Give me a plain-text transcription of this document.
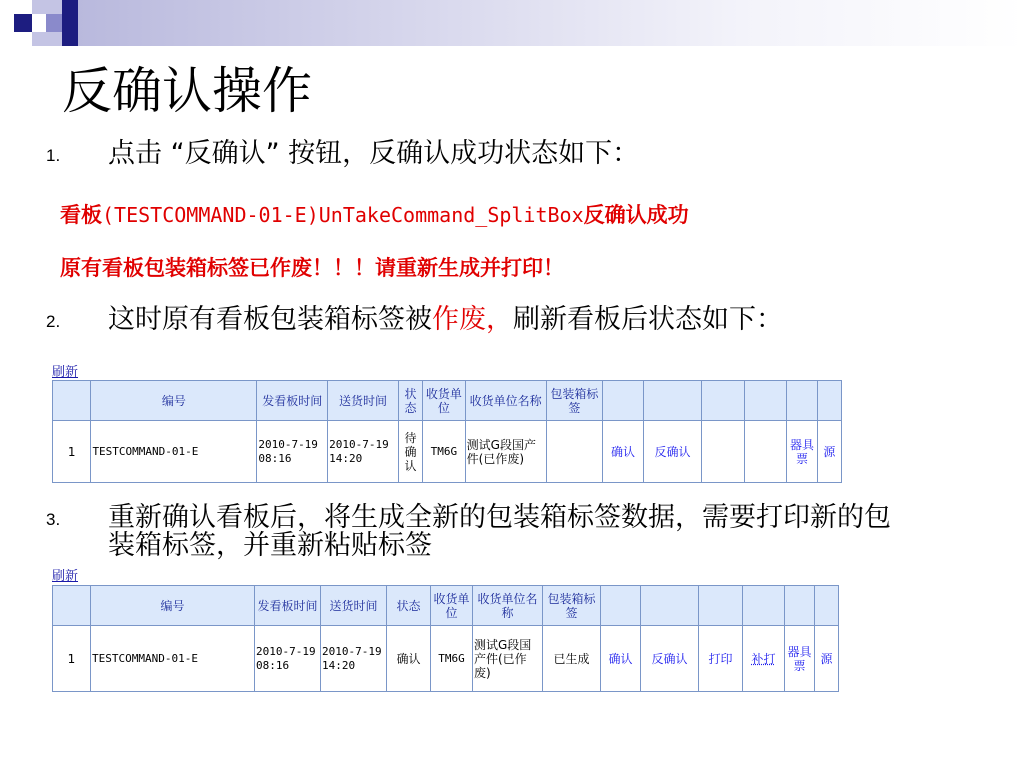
反确认操作
1. 点击 “反确认” 按钮，反确认成功状态如下：
看板(TESTCOMMAND-01-E)UnTakeCommand_SplitBox反确认成功
原有看板包装箱标签已作废！！！请重新生成并打印！
2. 这时原有看板包装箱标签被作废，刷新看板后状态如下：
刷新
	编号	发看板时间	送货时间	状态	收货单位	收货单位名称	包装箱标签						
1	TESTCOMMAND-01-E	2010-7-19 08:16	2010-7-19 14:20	待确认	TM6G	测试G段国产件(已作废)		确认	反确认			器具票	源
3. 重新确认看板后，将生成全新的包装箱标签数据，需要打印新的包装箱标签，并重新粘贴标签
刷新
	编号	发看板时间	送货时间	状态	收货单位	收货单位名称	包装箱标签						
1	TESTCOMMAND-01-E	2010-7-19 08:16	2010-7-19 14:20	确认	TM6G	测试G段国产件(已作废)	已生成	确认	反确认	打印	补打	器具票	源
